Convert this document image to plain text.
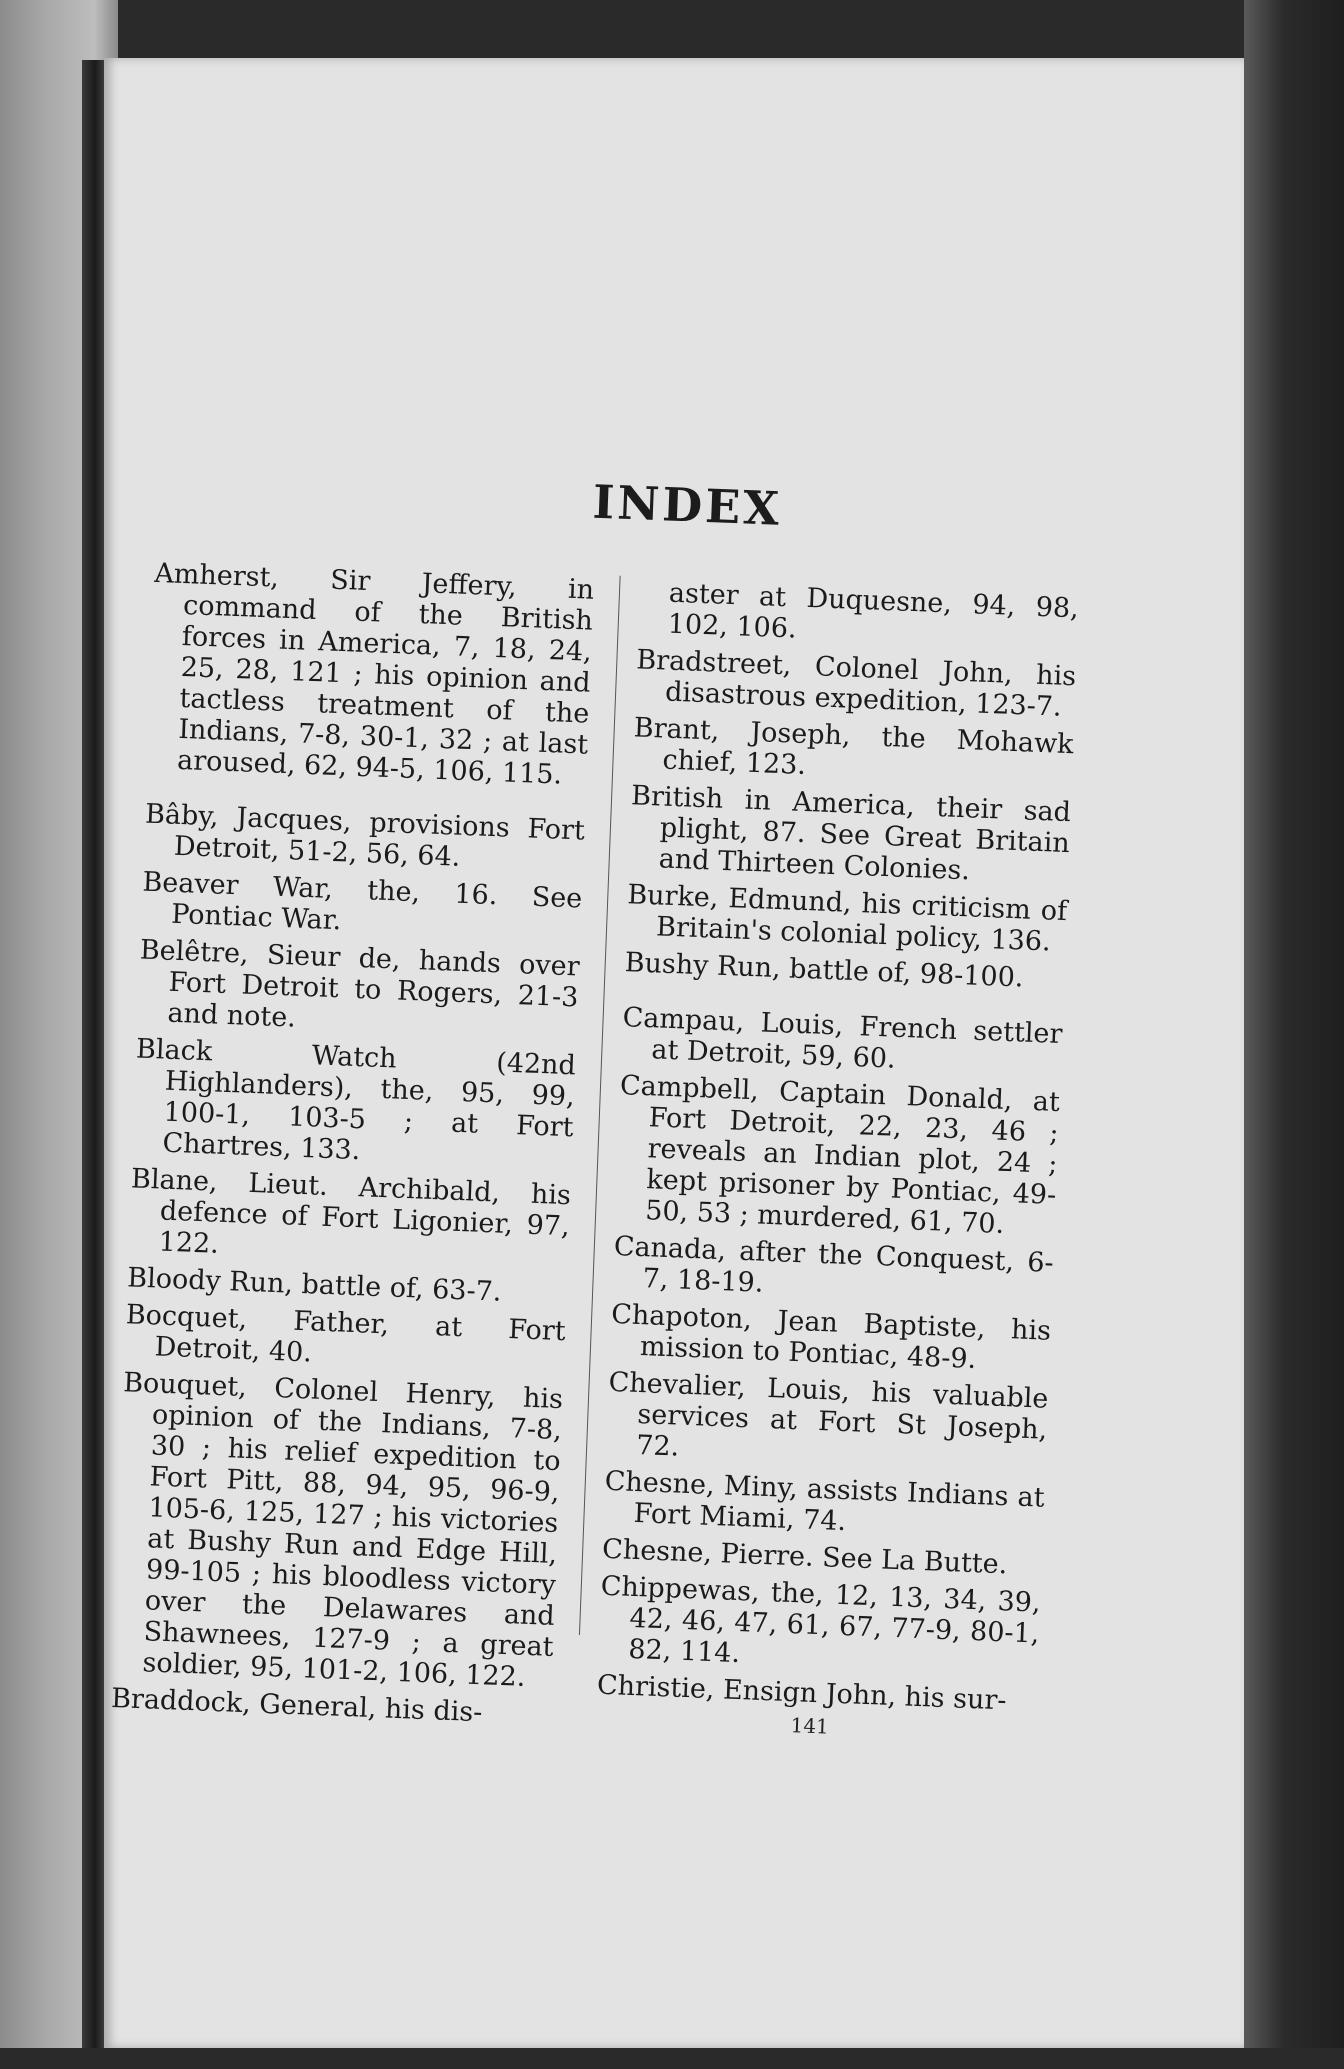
INDEX

Amherst, Sir Jeffery, in command of the British forces in America, 7, 18, 24, 25, 28, 121 ; his opinion and tactless treatment of the Indians, 7-8, 30-1, 32 ; at last aroused, 62, 94-5, 106, 115.

Bâby, Jacques, provisions Fort Detroit, 51-2, 56, 64.

Beaver War, the, 16. See Pontiac War.

Belêtre, Sieur de, hands over Fort Detroit to Rogers, 21-3 and note.

Black Watch (42nd Highlanders), the, 95, 99, 100-1, 103-5 ; at Fort Chartres, 133.

Blane, Lieut. Archibald, his defence of Fort Ligonier, 97, 122.

Bloody Run, battle of, 63-7.

Bocquet, Father, at Fort Detroit, 40.

Bouquet, Colonel Henry, his opinion of the Indians, 7-8, 30 ; his relief expedition to Fort Pitt, 88, 94, 95, 96-9, 105-6, 125, 127 ; his victories at Bushy Run and Edge Hill, 99-105 ; his bloodless victory over the Delawares and Shawnees, 127-9 ; a great soldier, 95, 101-2, 106, 122.

Braddock, General, his dis-

aster at Duquesne, 94, 98, 102, 106.

Bradstreet, Colonel John, his disastrous expedition, 123-7.

Brant, Joseph, the Mohawk chief, 123.

British in America, their sad plight, 87. See Great Britain and Thirteen Colonies.

Burke, Edmund, his criticism of Britain's colonial policy, 136.

Bushy Run, battle of, 98-100.

Campau, Louis, French settler at Detroit, 59, 60.

Campbell, Captain Donald, at Fort Detroit, 22, 23, 46 ; reveals an Indian plot, 24 ; kept prisoner by Pontiac, 49-50, 53 ; murdered, 61, 70.

Canada, after the Conquest, 6-7, 18-19.

Chapoton, Jean Baptiste, his mission to Pontiac, 48-9.

Chevalier, Louis, his valuable services at Fort St Joseph, 72.

Chesne, Miny, assists Indians at Fort Miami, 74.

Chesne, Pierre. See La Butte.

Chippewas, the, 12, 13, 34, 39, 42, 46, 47, 61, 67, 77-9, 80-1, 82, 114.

Christie, Ensign John, his sur-

141
